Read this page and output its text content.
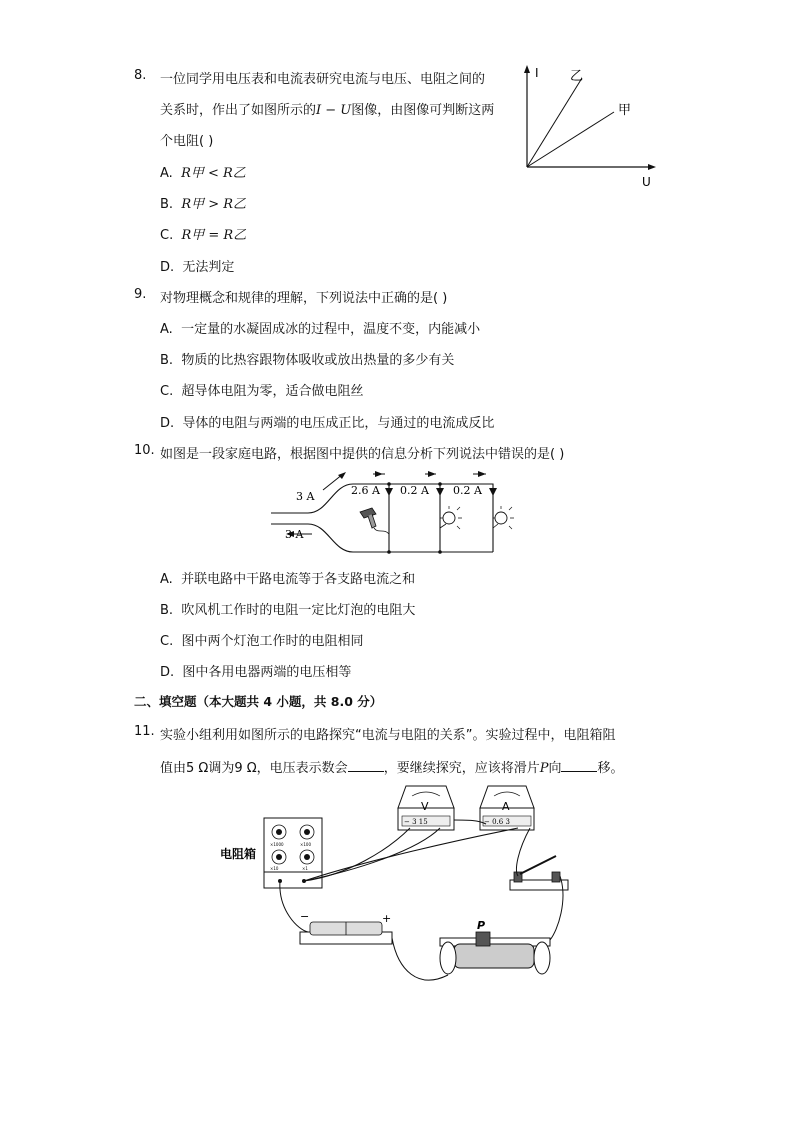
8. 一位同学用电压表和电流表研究电流与电压、电阻之间的
关系时，作出了如图所示的I − U图像，由图像可判断这两
个电阻( )
A. R甲 < R乙
B. R甲 > R乙
C. R甲 = R乙
D. 无法判定
I
U
乙
甲
9. 对物理概念和规律的理解，下列说法中正确的是( )
A. 一定量的水凝固成冰的过程中，温度不变，内能减小
B. 物质的比热容跟物体吸收或放出热量的多少有关
C. 超导体电阻为零，适合做电阻丝
D. 导体的电阻与两端的电压成正比，与通过的电流成反比
10. 如图是一段家庭电路，根据图中提供的信息分析下列说法中错误的是( )
3 A
3 A
2.6 A 0.2 A 0.2 A
A. 并联电路中干路电流等于各支路电流之和
B. 吹风机工作时的电阻一定比灯泡的电阻大
C. 图中两个灯泡工作时的电阻相同
D. 图中各用电器两端的电压相等
二、填空题（本大题共 4 小题，共 8.0 分）
11. 实验小组利用如图所示的电路探究“电流与电阻的关系”。实验过程中，电阻箱阻
值由5 Ω调为9 Ω，电压表示数会	，要继续探究，应该将滑片P向	移。
×1000	×100
×10	×1
电阻箱
V
− 3 15
A
− 0.6 3
−	+
P
